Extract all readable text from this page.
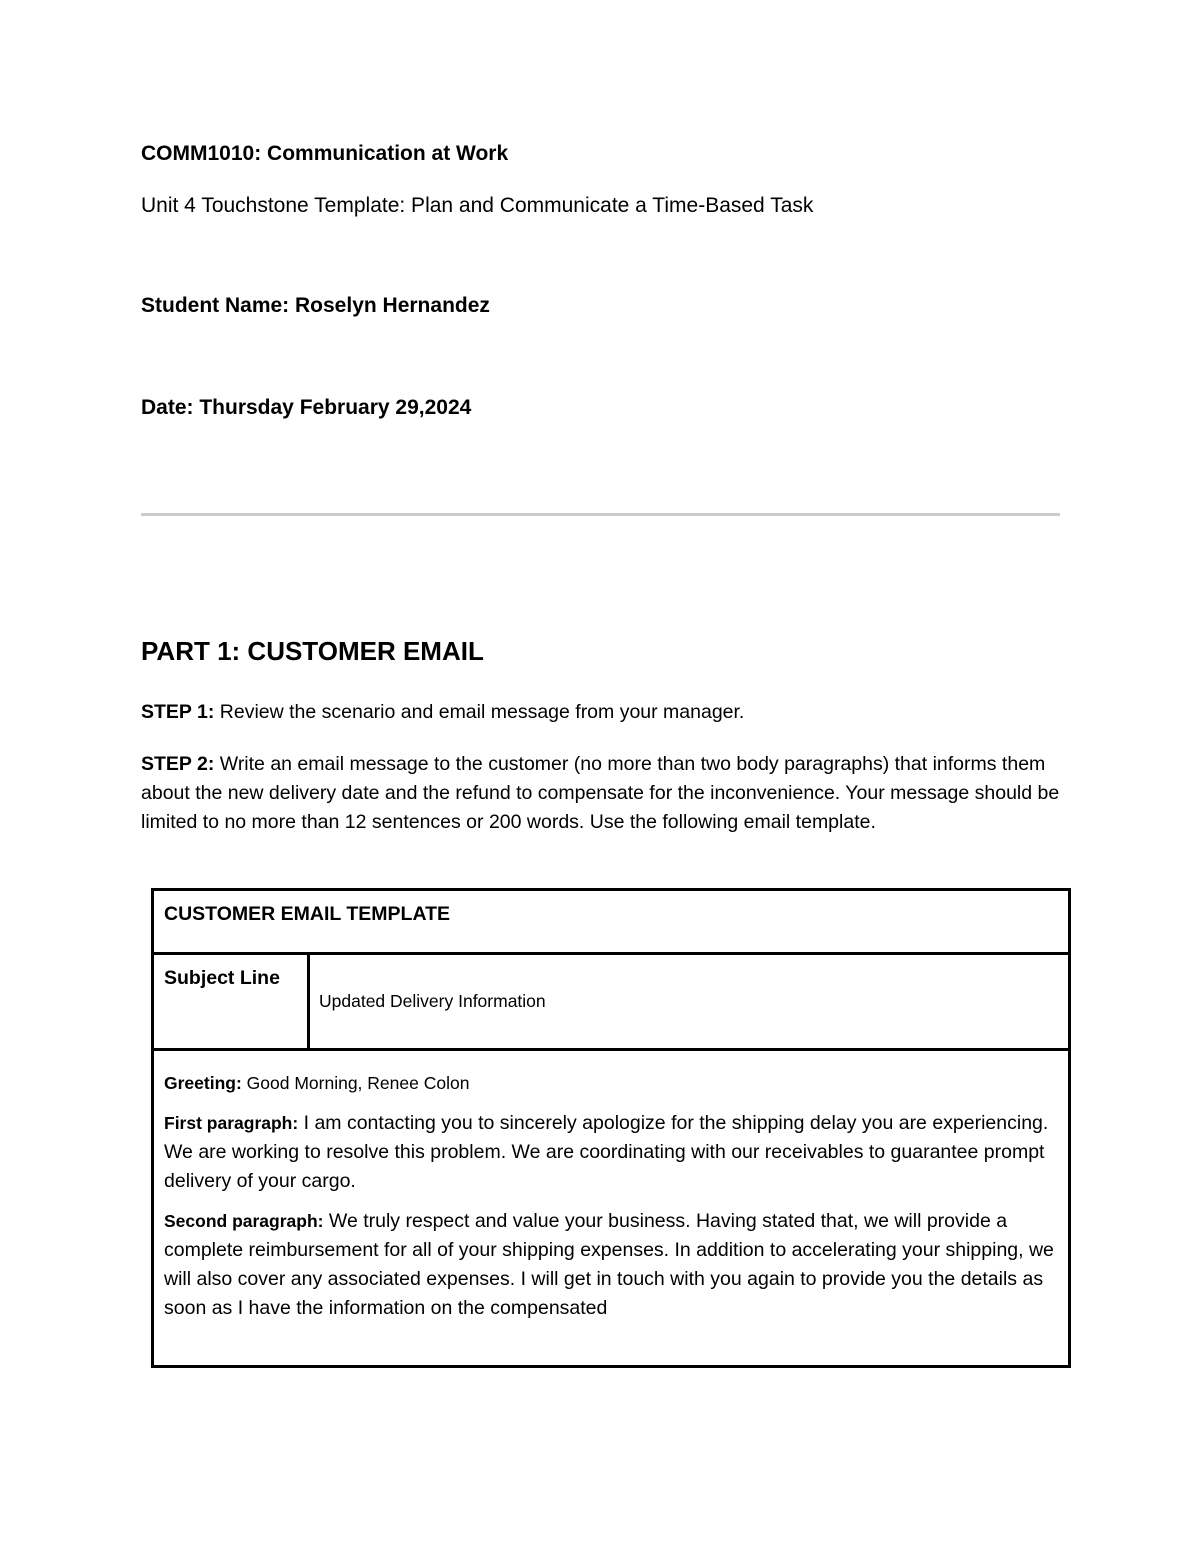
COMM1010: Communication at Work

Unit 4 Touchstone Template: Plan and Communicate a Time-Based Task

Student Name: Roselyn Hernandez

Date: Thursday February 29,2024

PART 1: CUSTOMER EMAIL

STEP 1: Review the scenario and email message from your manager.

STEP 2: Write an email message to the customer (no more than two body paragraphs) that informs them about the new delivery date and the refund to compensate for the inconvenience. Your message should be limited to no more than 12 sentences or 200 words. Use the following email template.

CUSTOMER EMAIL TEMPLATE
Subject Line
Updated Delivery Information

Greeting: Good Morning, Renee Colon

First paragraph: I am contacting you to sincerely apologize for the shipping delay you are experiencing. We are working to resolve this problem. We are coordinating with our receivables to guarantee prompt delivery of your cargo.

Second paragraph: We truly respect and value your business. Having stated that, we will provide a complete reimbursement for all of your shipping expenses. In addition to accelerating your shipping, we will also cover any associated expenses. I will get in touch with you again to provide you the details as soon as I have the information on the compensated
